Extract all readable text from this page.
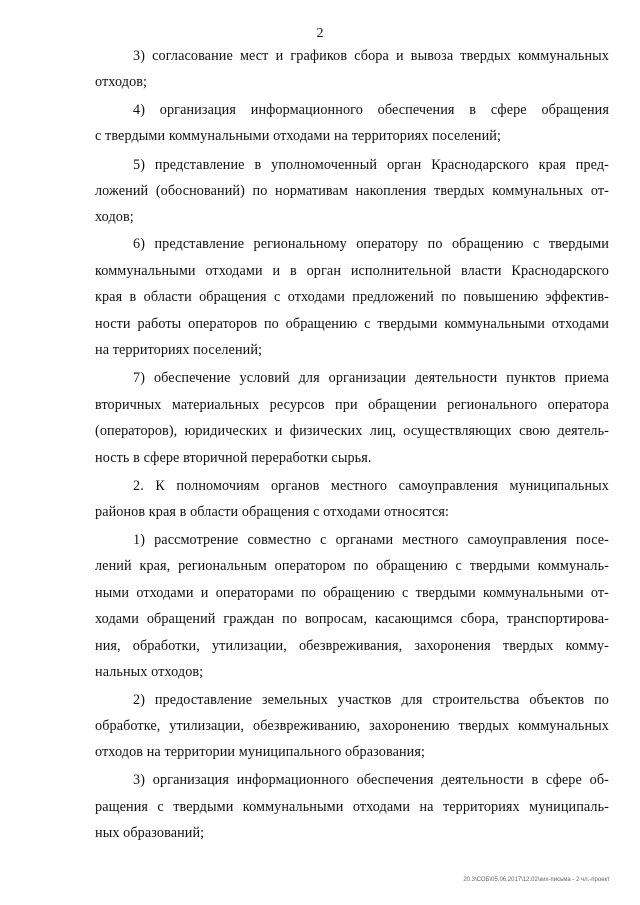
2
3) согласование мест и графиков сбора и вывоза твердых коммунальных
отходов;
4) организация информационного обеспечения в сфере обращения
с твердыми коммунальными отходами на территориях поселений;
5) представление в уполномоченный орган Краснодарского края пред-
ложений (обоснований) по нормативам накопления твердых коммунальных от-
ходов;
6) представление региональному оператору по обращению с твердыми
коммунальными отходами и в орган исполнительной власти Краснодарского
края в области обращения с отходами предложений по повышению эффектив-
ности работы операторов по обращению с твердыми коммунальными отходами
на территориях поселений;
7) обеспечение условий для организации деятельности пунктов приема
вторичных материальных ресурсов при обращении регионального оператора
(операторов), юридических и физических лиц, осуществляющих свою деятель-
ность в сфере вторичной переработки сырья.
2. К полномочиям органов местного самоуправления муниципальных
районов края в области обращения с отходами относятся:
1) рассмотрение совместно с органами местного самоуправления посе-
лений края, региональным оператором по обращению с твердыми коммуналь-
ными отходами и операторами по обращению с твердыми коммунальными от-
ходами обращений граждан по вопросам, касающимся сбора, транспортирова-
ния, обработки, утилизации, обезвреживания, захоронения твердых комму-
нальных отходов;
2) предоставление земельных участков для строительства объектов по
обработке, утилизации, обезвреживанию, захоронению твердых коммунальных
отходов на территории муниципального образования;
3) организация информационного обеспечения деятельности в сфере об-
ращения с твердыми коммунальными отходами на территориях муниципаль-
ных образований;
20.3\СОБ\05.06.2017\12.02\ких-письма - 2 чл.-проект
